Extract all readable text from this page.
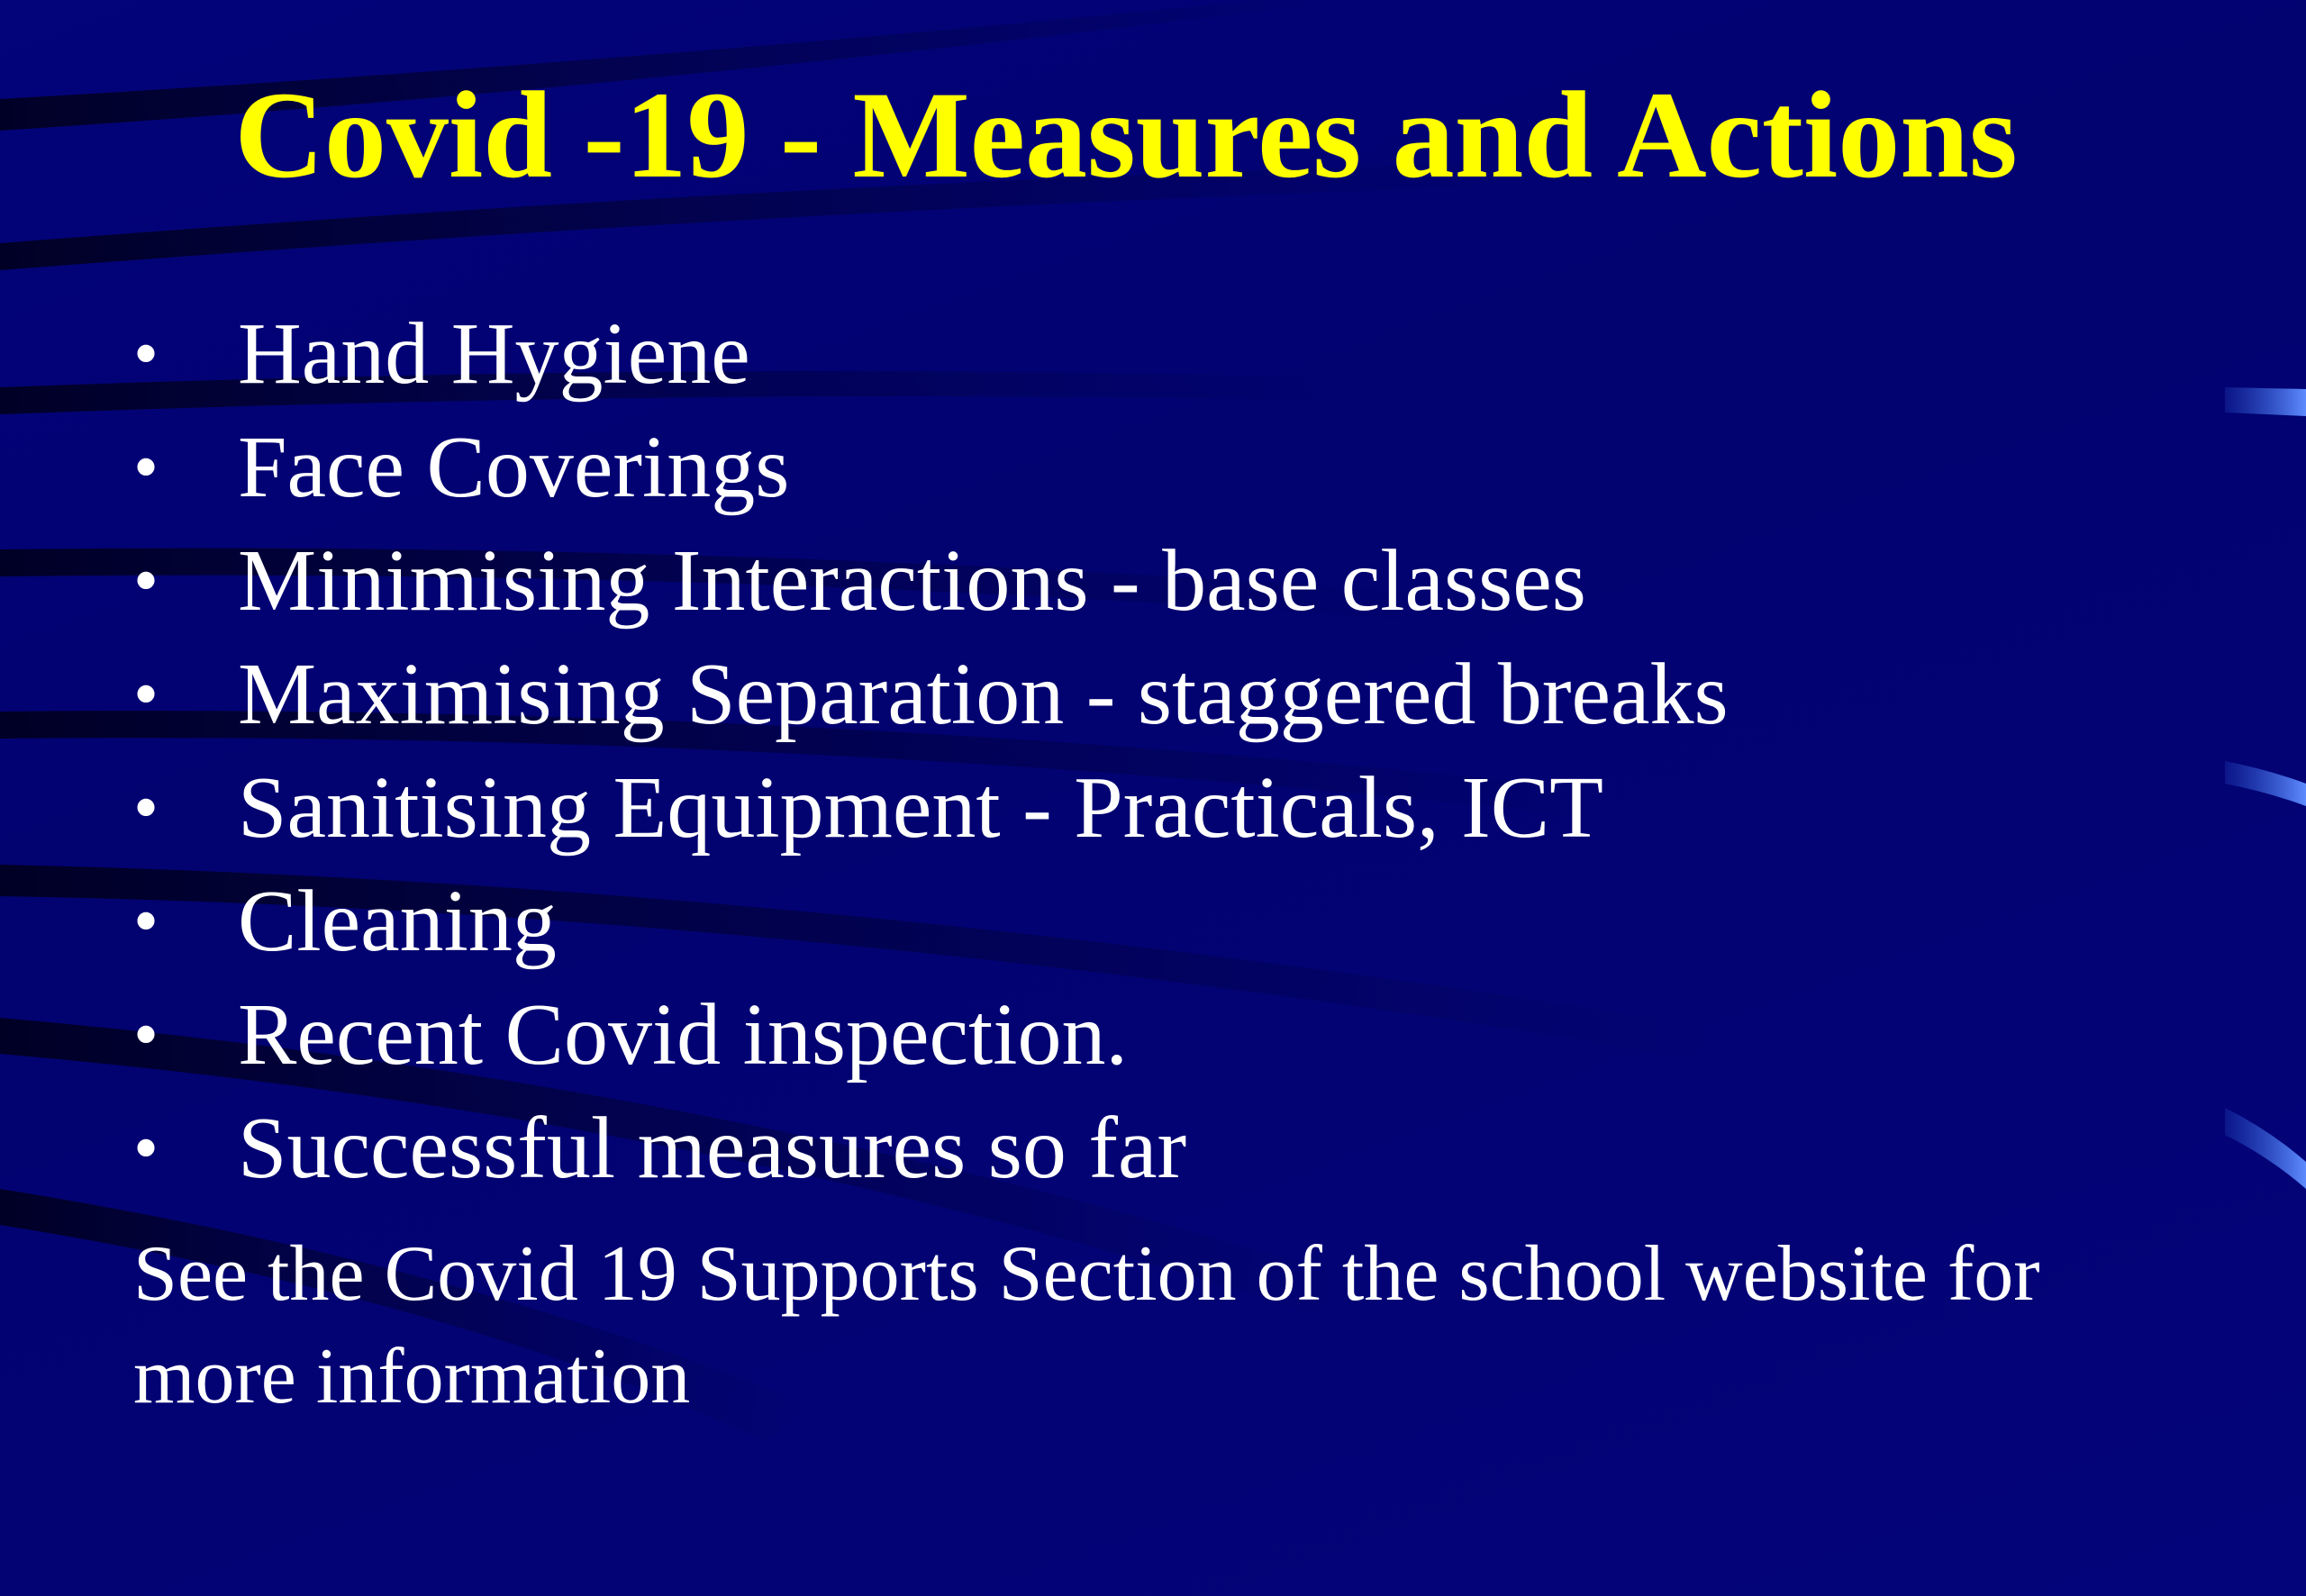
Covid -19 - Measures and Actions
• Hand Hygiene
• Face Coverings
• Minimising Interactions - base classes
• Maximising Separation - staggered breaks
• Sanitising Equipment - Practicals, ICT
• Cleaning
• Recent Covid inspection.
• Successful measures so far
See the Covid 19 Supports Section of the school website for more information
